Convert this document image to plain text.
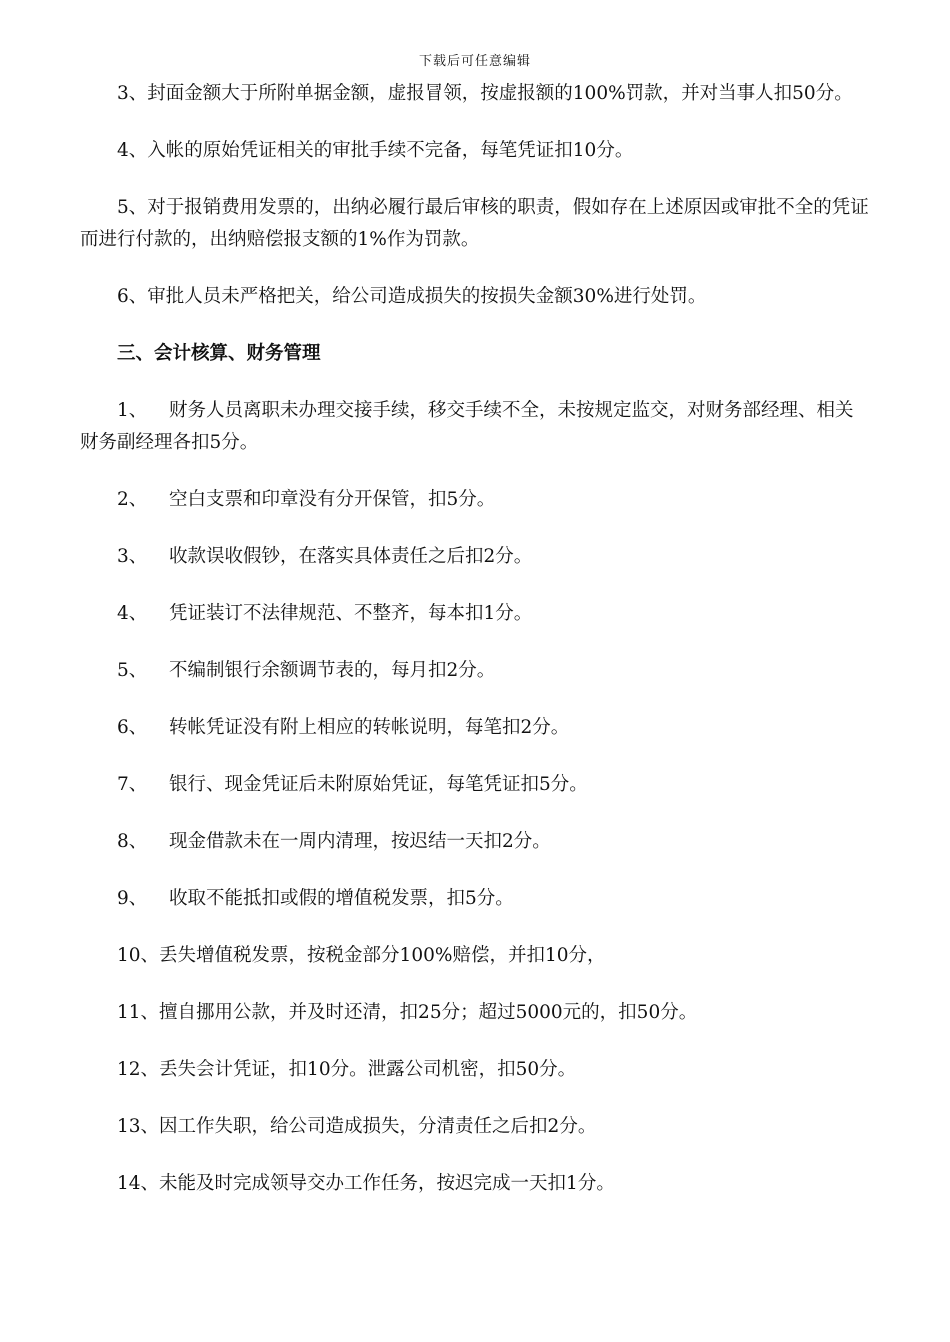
下载后可任意编辑

3、封面金额大于所附单据金额，虚报冒领，按虚报额的100%罚款，并对当事人扣50分。

4、入帐的原始凭证相关的审批手续不完备，每笔凭证扣10分。

5、对于报销费用发票的，出纳必履行最后审核的职责，假如存在上述原因或审批不全的凭证而进行付款的，出纳赔偿报支额的1%作为罚款。

6、审批人员未严格把关，给公司造成损失的按损失金额30%进行处罚。

三、会计核算、财务管理

1、 财务人员离职未办理交接手续，移交手续不全，未按规定监交，对财务部经理、相关财务副经理各扣5分。

2、 空白支票和印章没有分开保管，扣5分。

3、 收款误收假钞，在落实具体责任之后扣2分。

4、 凭证装订不法律规范、不整齐，每本扣1分。

5、 不编制银行余额调节表的，每月扣2分。

6、 转帐凭证没有附上相应的转帐说明，每笔扣2分。

7、 银行、现金凭证后未附原始凭证，每笔凭证扣5分。

8、 现金借款未在一周内清理，按迟结一天扣2分。

9、 收取不能抵扣或假的增值税发票，扣5分。

10、丢失增值税发票，按税金部分100%赔偿，并扣10分，

11、擅自挪用公款，并及时还清，扣25分；超过5000元的，扣50分。

12、丢失会计凭证，扣10分。泄露公司机密，扣50分。

13、因工作失职，给公司造成损失，分清责任之后扣2分。

14、未能及时完成领导交办工作任务，按迟完成一天扣1分。
